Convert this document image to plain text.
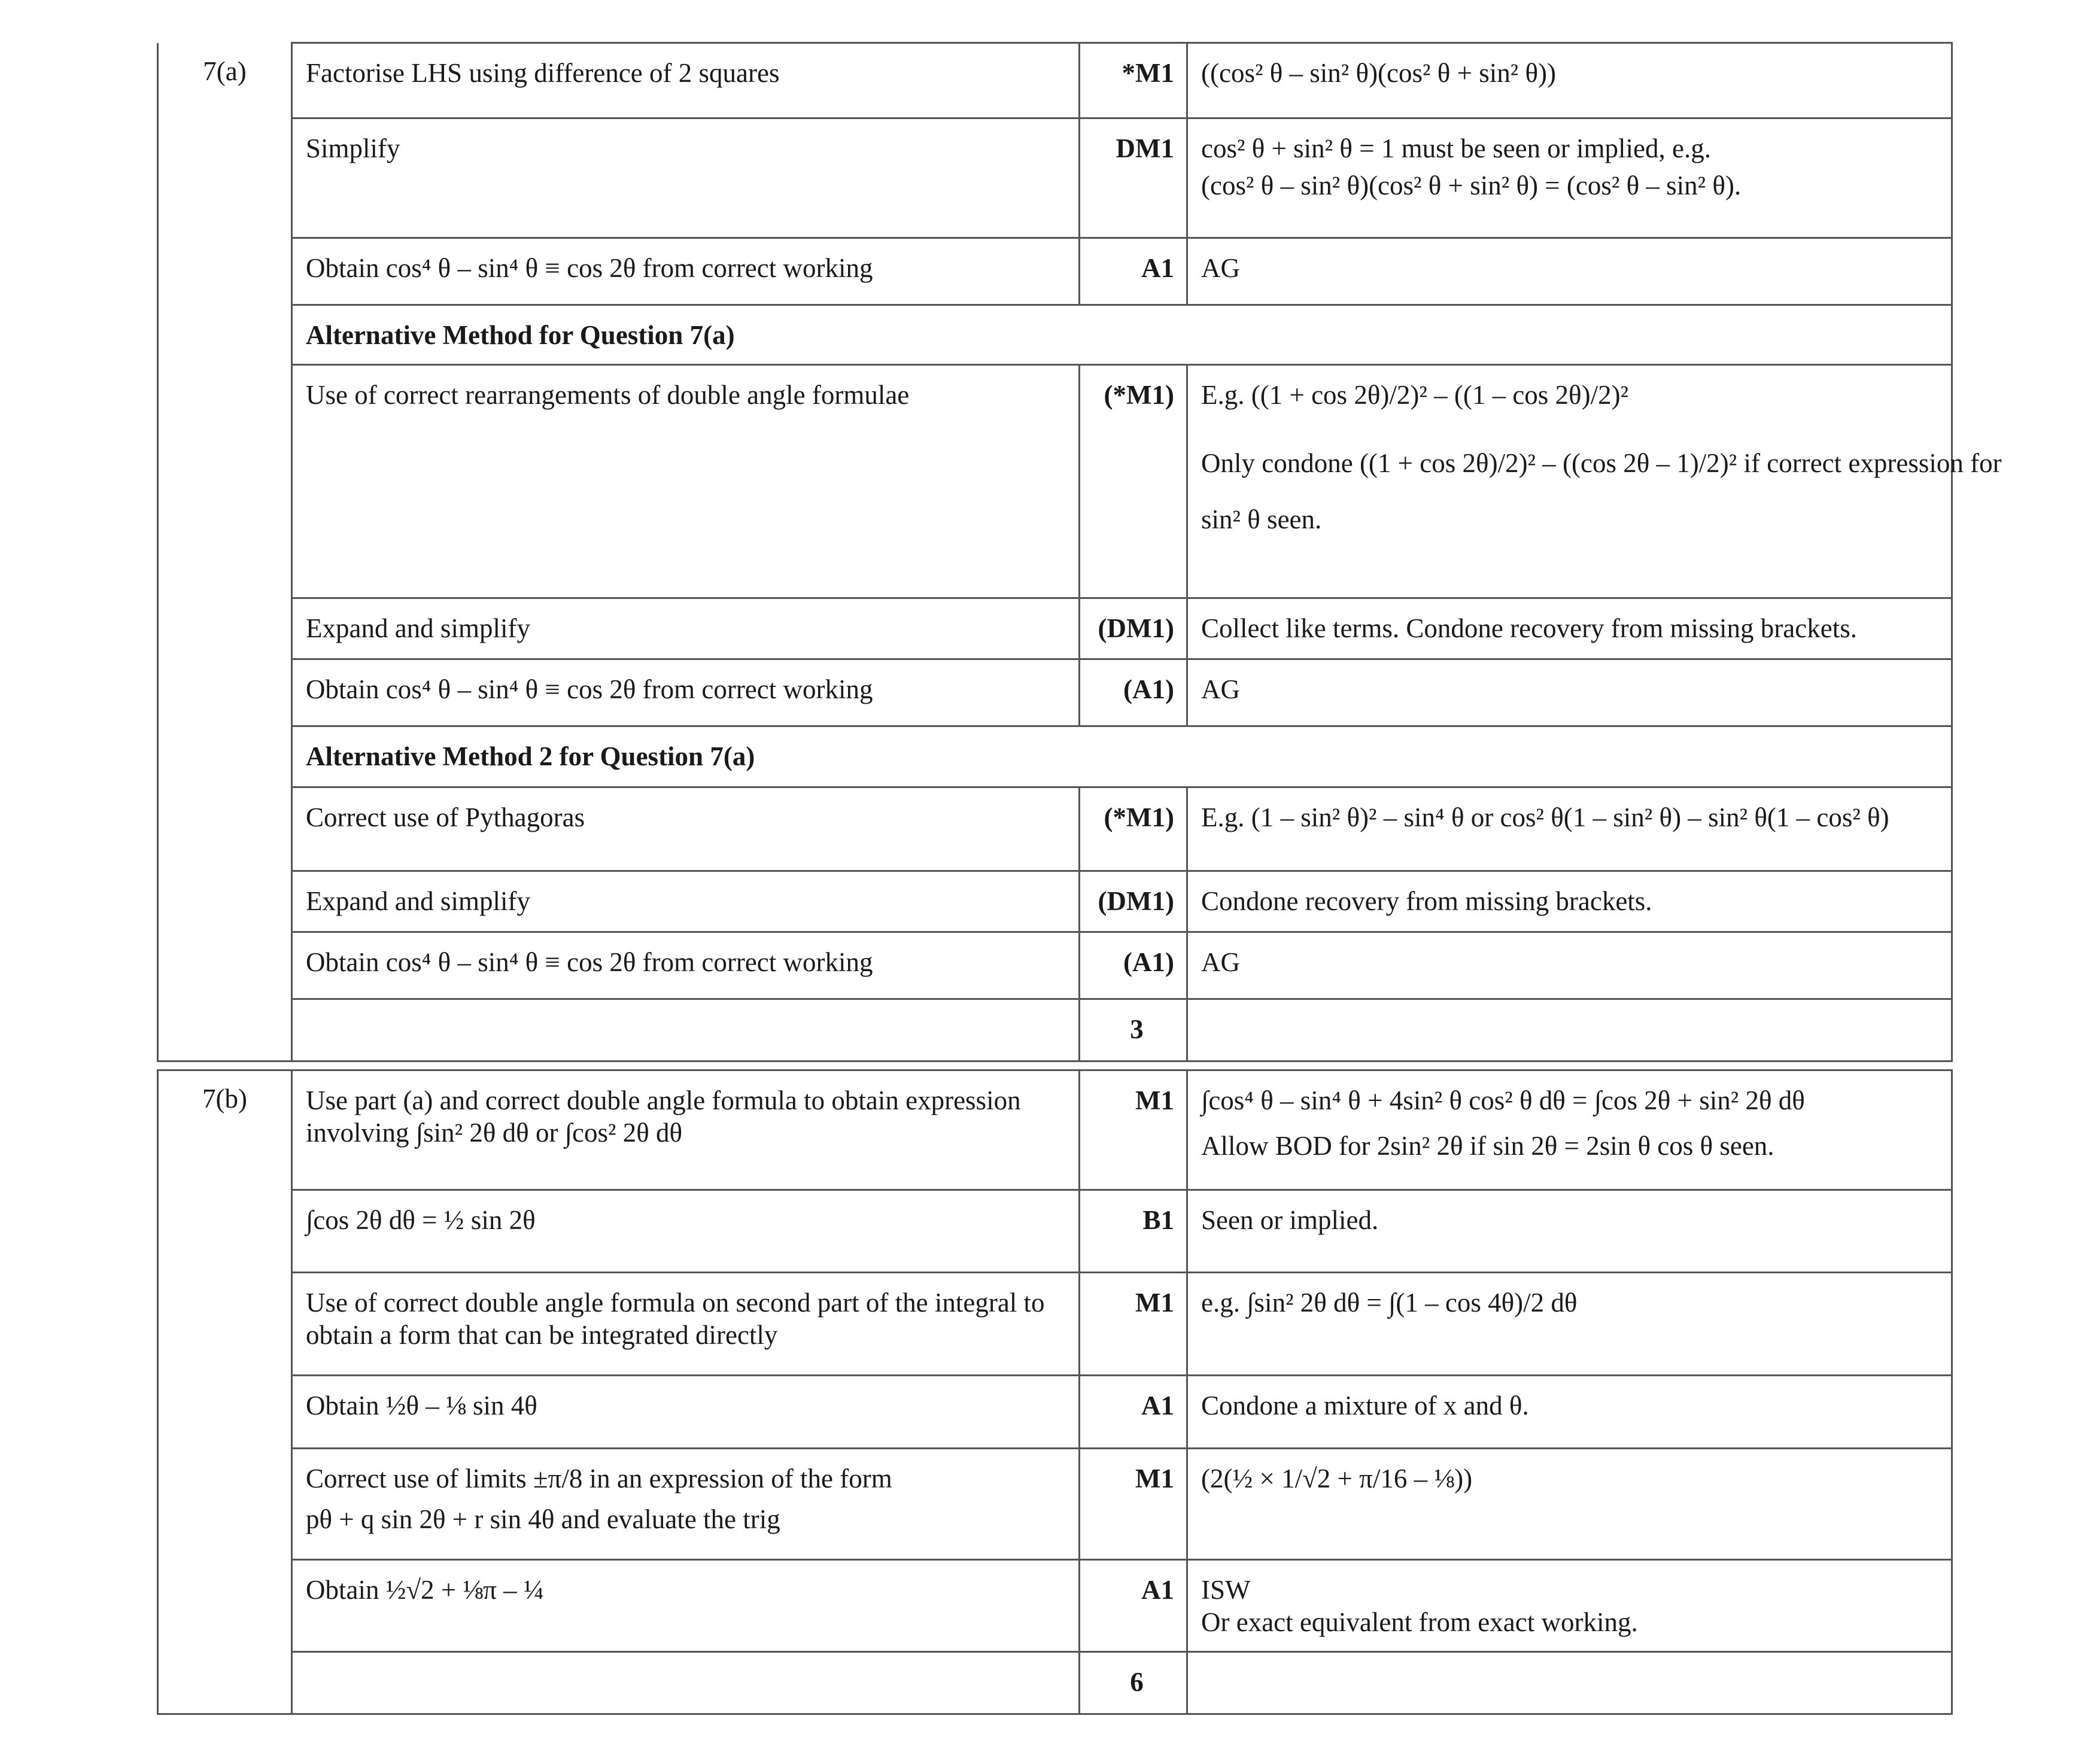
7(a)	Factorise LHS using difference of 2 squares	*M1	((cos² θ – sin² θ)(cos² θ + sin² θ))
	Simplify	DM1	cos² θ + sin² θ = 1 must be seen or implied, e.g.
(cos² θ – sin² θ)(cos² θ + sin² θ) = (cos² θ – sin² θ).

	Obtain cos⁴ θ – sin⁴ θ ≡ cos 2θ from correct working	A1	AG
	Alternative Method for Question 7(a)		
	Use of correct rearrangements of double angle formulae	(*M1)	E.g. ((1 + cos 2θ)/2)² – ((1 – cos 2θ)/2)²
Only condone ((1 + cos 2θ)/2)² – ((cos 2θ – 1)/2)² if correct expression for
sin² θ seen.

	Expand and simplify	(DM1)	Collect like terms. Condone recovery from missing brackets.
	Obtain cos⁴ θ – sin⁴ θ ≡ cos 2θ from correct working	(A1)	AG
	Alternative Method 2 for Question 7(a)		
	Correct use of Pythagoras	(*M1)	E.g. (1 – sin² θ)² – sin⁴ θ or cos² θ(1 – sin² θ) – sin² θ(1 – cos² θ)
	Expand and simplify	(DM1)	Condone recovery from missing brackets.
	Obtain cos⁴ θ – sin⁴ θ ≡ cos 2θ from correct working	(A1)	AG
		3	
7(b)	Use part (a) and correct double angle formula to obtain expression
involving ∫sin² 2θ dθ or ∫cos² 2θ dθ	M1	∫cos⁴ θ – sin⁴ θ + 4sin² θ cos² θ dθ = ∫cos 2θ + sin² 2θ dθ
Allow BOD for 2sin² 2θ if sin 2θ = 2sin θ cos θ seen.

	∫cos 2θ dθ = ½ sin 2θ	B1	Seen or implied.
	Use of correct double angle formula on second part of the integral to
obtain a form that can be integrated directly	M1	e.g. ∫sin² 2θ dθ = ∫(1 – cos 4θ)/2 dθ
	Obtain ½θ – ⅛ sin 4θ	A1	Condone a mixture of x and θ.
	Correct use of limits ±π/8 in an expression of the form
pθ + q sin 2θ + r sin 4θ and evaluate the trig	M1	(2(½ × 1/√2 + π/16 – ⅛))
	Obtain ½√2 + ⅛π – ¼	A1	ISW
Or exact equivalent from exact working.

		6	
